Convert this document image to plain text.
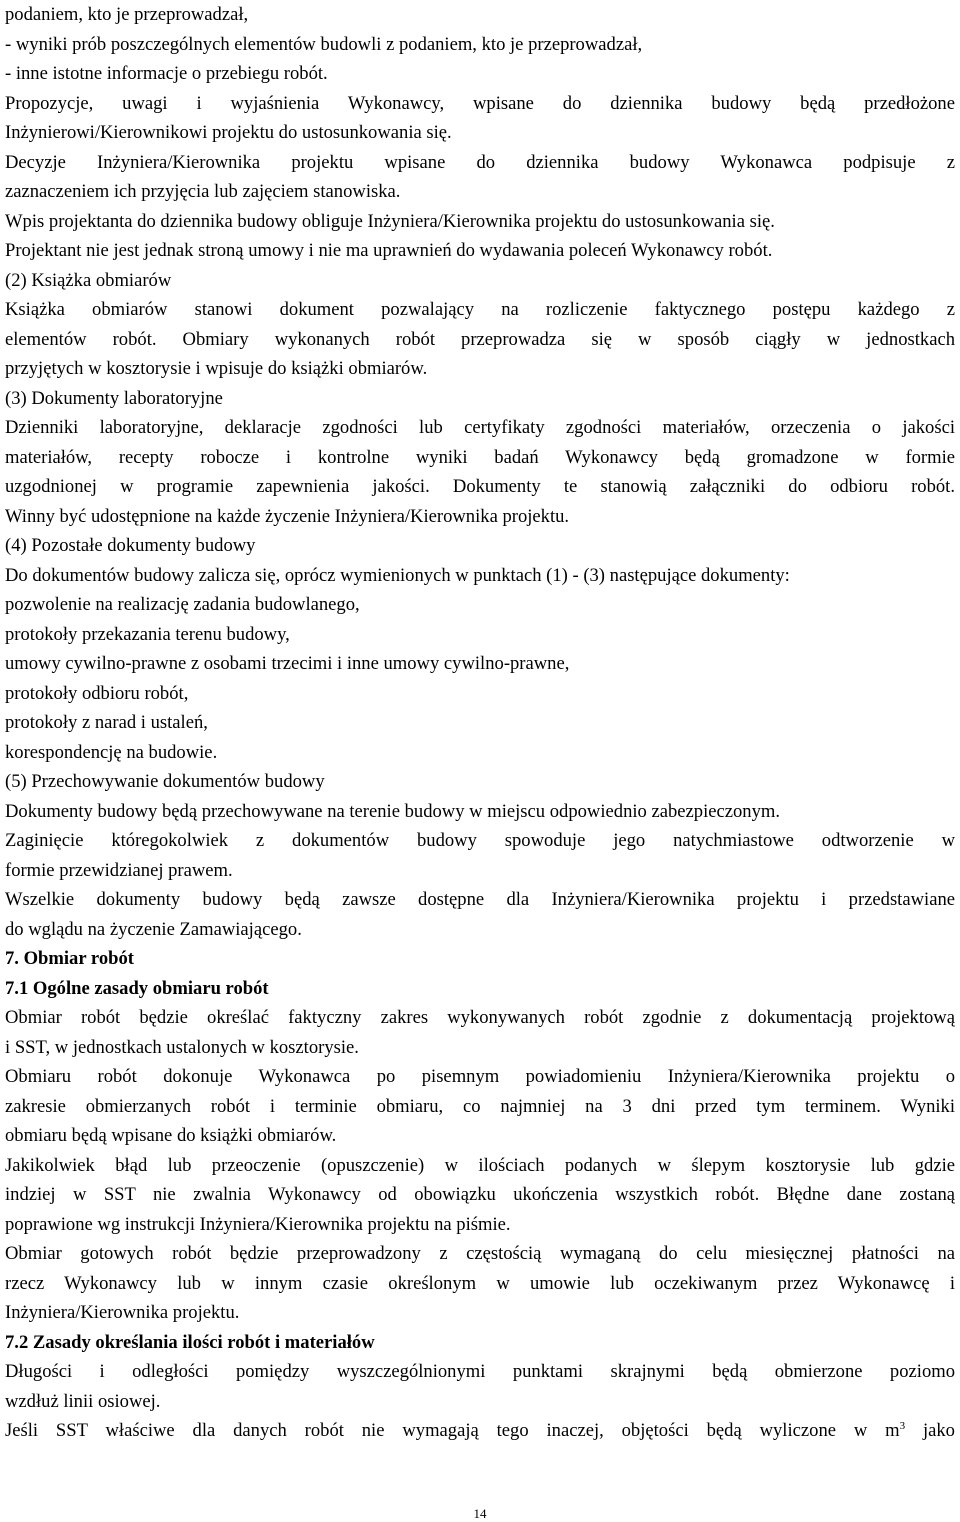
podaniem, kto je przeprowadzał,
- wyniki prób poszczególnych elementów budowli z podaniem, kto je przeprowadzał,
- inne istotne informacje o przebiegu robót.
Propozycje, uwagi i wyjaśnienia Wykonawcy, wpisane do dziennika budowy będą przedłożone
Inżynierowi/Kierownikowi projektu do ustosunkowania się.
Decyzje Inżyniera/Kierownika projektu wpisane do dziennika budowy Wykonawca podpisuje z
zaznaczeniem ich przyjęcia lub zajęciem stanowiska.
Wpis projektanta do dziennika budowy obliguje Inżyniera/Kierownika projektu do ustosunkowania się.
Projektant nie jest jednak stroną umowy i nie ma uprawnień do wydawania poleceń Wykonawcy robót.
(2) Książka obmiarów
Książka obmiarów stanowi dokument pozwalający na rozliczenie faktycznego postępu każdego z
elementów robót. Obmiary wykonanych robót przeprowadza się w sposób ciągły w jednostkach
przyjętych w kosztorysie i wpisuje do książki obmiarów.
(3) Dokumenty laboratoryjne
Dzienniki laboratoryjne, deklaracje zgodności lub certyfikaty zgodności materiałów, orzeczenia o jakości
materiałów, recepty robocze i kontrolne wyniki badań Wykonawcy będą gromadzone w formie
uzgodnionej w programie zapewnienia jakości. Dokumenty te stanowią załączniki do odbioru robót.
Winny być udostępnione na każde życzenie Inżyniera/Kierownika projektu.
(4) Pozostałe dokumenty budowy
Do dokumentów budowy zalicza się, oprócz wymienionych w punktach (1) - (3) następujące dokumenty:
pozwolenie na realizację zadania budowlanego,
protokoły przekazania terenu budowy,
umowy cywilno-prawne z osobami trzecimi i inne umowy cywilno-prawne,
protokoły odbioru robót,
protokoły z narad i ustaleń,
korespondencję na budowie.
(5) Przechowywanie dokumentów budowy
Dokumenty budowy będą przechowywane na terenie budowy w miejscu odpowiednio zabezpieczonym.
Zaginięcie któregokolwiek z dokumentów budowy spowoduje jego natychmiastowe odtworzenie w
formie przewidzianej prawem.
Wszelkie dokumenty budowy będą zawsze dostępne dla Inżyniera/Kierownika projektu i przedstawiane
do wglądu na życzenie Zamawiającego.
7. Obmiar robót
7.1 Ogólne zasady obmiaru robót
Obmiar robót będzie określać faktyczny zakres wykonywanych robót zgodnie z dokumentacją projektową
i SST, w jednostkach ustalonych w kosztorysie.
Obmiaru robót dokonuje Wykonawca po pisemnym powiadomieniu Inżyniera/Kierownika projektu o
zakresie obmierzanych robót i terminie obmiaru, co najmniej na 3 dni przed tym terminem. Wyniki
obmiaru będą wpisane do książki obmiarów.
Jakikolwiek błąd lub przeoczenie (opuszczenie) w ilościach podanych w ślepym kosztorysie lub gdzie
indziej w SST nie zwalnia Wykonawcy od obowiązku ukończenia wszystkich robót. Błędne dane zostaną
poprawione wg instrukcji Inżyniera/Kierownika projektu na piśmie.
Obmiar gotowych robót będzie przeprowadzony z częstością wymaganą do celu miesięcznej płatności na
rzecz Wykonawcy lub w innym czasie określonym w umowie lub oczekiwanym przez Wykonawcę i
Inżyniera/Kierownika projektu.
7.2 Zasady określania ilości robót i materiałów
Długości i odległości pomiędzy wyszczególnionymi punktami skrajnymi będą obmierzone poziomo
wzdłuż linii osiowej.
Jeśli SST właściwe dla danych robót nie wymagają tego inaczej, objętości będą wyliczone w $m^3$ jako
14
